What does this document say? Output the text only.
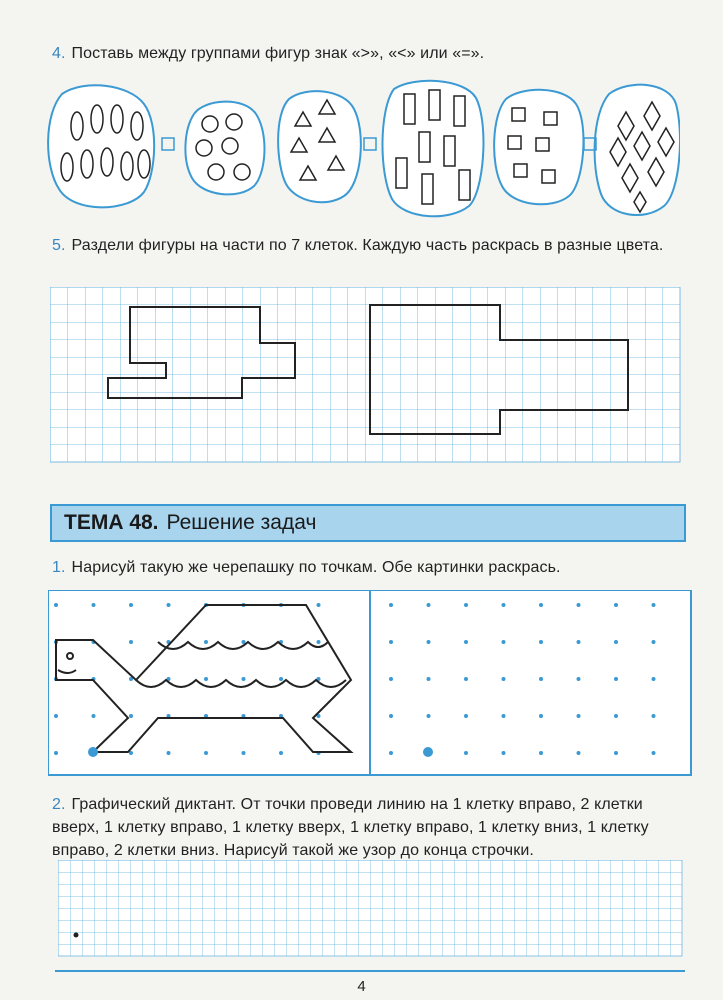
4. Поставь между группами фигур знак «>», «<» или «=».
5. Раздели фигуры на части по 7 клеток. Каждую часть раскрась в разные цвета.
ТЕМА 48. Решение задач
1. Нарисуй такую же черепашку по точкам. Обе картинки раскрась.
2. Графический диктант. От точки проведи линию на 1 клетку вправо, 2 клетки вверх, 1 клетку вправо, 1 клетку вверх, 1 клетку вправо, 1 клетку вниз, 1 клетку вправо, 2 клетки вниз. Нарисуй такой же узор до конца строчки.
4
